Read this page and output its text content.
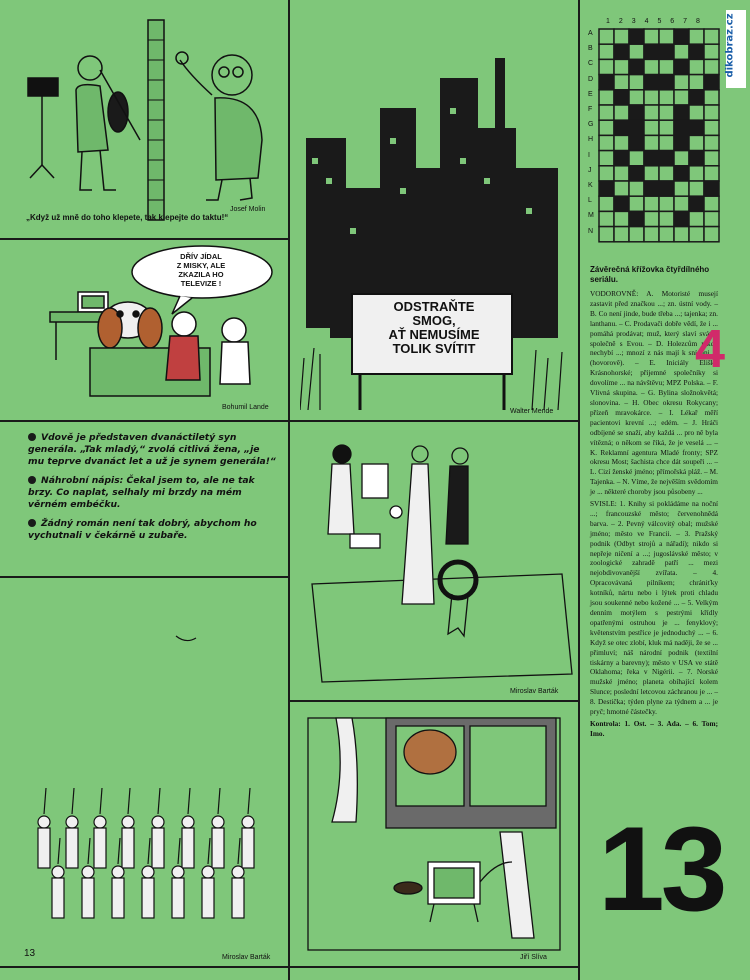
dikobraz.cz
Josef Molin
„Když už mně do toho klepete, tak klepejte do taktu!“
DŘÍV JÍDAL
Z MISKY, ALE
ZKAZILA HO
TELEVIZE !
Bohumil Lande
ODSTRAŇTE
SMOG,
AŤ NEMUSÍME
TOLIK SVÍTIT
Walter Mende

Vdově je představen dvanáctiletý syn generála. „Tak mladý,“ zvolá citlivá žena, „je mu teprve dvanáct let a už je synem generála!“

Náhrobní nápis: Čekal jsem to, ale ne tak brzy. Co naplat, selhaly mi brzdy na mém věrném embéčku.

Žádný román není tak dobrý, abychom ho vychutnali v čekárně u zubaře.

Miroslav Barták
Miroslav Barták	Jiří Slíva
1 2 3 4 5 6 7 8
A
B
C
D
E
F
G
H
I
J
K
L
M
N
Závěrečná křížovka čtyřdílného seriálu.
VODOROVNĚ: A. Motoristé musejí zastavit před značkou ...; zn. ústní vody. – B. Co není jinde, bude třeba ...; tajenka; zn. lanthanu. – C. Prodavači dobře vědí, že i ... pomáhá prodávat; muž, který slaví svátek společně s Evou. – D. Holezcům nikdy nechybí ...; mnozí z nás mají k snídani ... (hovorově). – E. Iniciály Elišky Krásnohorské; příjemné společníky si dovolíme ... na návštěvu; MPZ Polska. – F. Vlivná skupina. – G. Bylina složnokvětá; slonovina. – H. Obec okresu Rokycany; přízeň mravokárce. – I. Lékař měří pacientovi krevní ...; edém. – J. Hráči odbíjené se snaží, aby každá ... pro ně byla vítězná; o někom se říká, že je veselá ... – K. Reklamní agentura Mladé fronty; SPZ okresu Most; šachista chce dát soupeři ... – L. Cizí ženské jméno; přímořská pláž. – M. Tajenka. – N. Víme, že nejvěším svědomím je ... některé choroby jsou působeny ...
SVISLE: 1. Knihy si pokládáme na noční ...; francouzské město; červenohnědá barva. – 2. Pevný válcovitý obal; mužské jméno; město ve Francii. – 3. Pražský podnik (Odbyt strojů a nářadí); nikdo si nepřeje ničení a ...; jugoslávské město; v zoologické zahradě patří ... mezi nejobdivovanější zvířata. – 4. Opracovávaná pilníkem; chrániťky kotníků, nártu nebo i lýtek proti chladu jsou soukenné nebo kožené ... – 5. Velkým denním motýlem s pestrými křídly opatřenými ostruhou je ... fenyklový; květenstvím pestřice je jednoduchý ... – 6. Když se otec zlobí, kluk má naději, že se ... přimluví; náš národní podnik (textilní tiskárny a barevny); město v USA ve státě Oklahoma; řeka v Nigérii. – 7. Norské mužské jméno; planeta obíhající kolem Slunce; poslední letcovou záchranou je ... – 8. Destička; týden plyne za týdnem a ... je pryč; hmotné částečky.
Kontrola: 1. Ost. – 3. Ada. – 6. Tom; Imo.
4
13
13
